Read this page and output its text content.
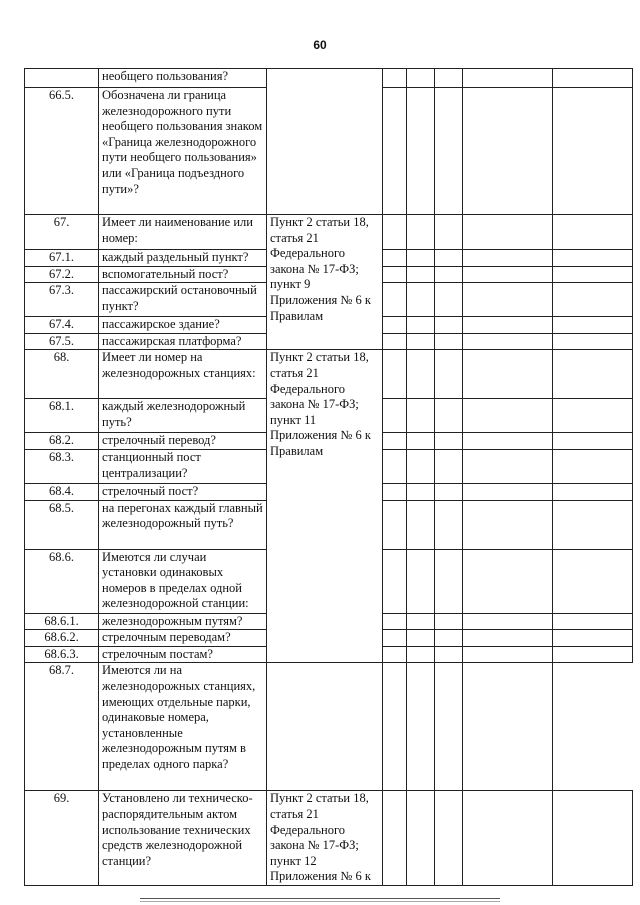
60
	необщего пользования?						
66.5.	Обозначена ли граница железнодорожного пути необщего пользования знаком «Граница железнодорожного пути необщего пользования» или «Граница подъездного пути»?						
67.	Имеет ли наименование или номер:	Пункт 2 статьи 18, статья 21 Федерального закона № 17-ФЗ; пункт 9 Приложения № 6 к Правилам					
67.1.	каждый раздельный пункт?						
67.2.	вспомогательный пост?						
67.3.	пассажирский остановочный пункт?						
67.4.	пассажирское здание?						
67.5.	пассажирская платформа?						
68.	Имеет ли номер на железнодорожных станциях:	Пункт 2 статьи 18, статья 21 Федерального закона № 17-ФЗ; пункт 11 Приложения № 6 к Правилам					
68.1.	каждый железнодорожный путь?						
68.2.	стрелочный перевод?						
68.3.	станционный пост централизации?						
68.4.	стрелочный пост?						
68.5.	на перегонах каждый главный железнодорожный путь?						
68.6.	Имеются ли случаи установки одинаковых номеров в пределах одной железнодорожной станции:						
68.6.1.	железнодорожным путям?						
68.6.2.	стрелочным переводам?						
68.6.3.	стрелочным постам?						
68.7.	Имеются ли на железнодорожных станциях, имеющих отдельные парки, одинаковые номера, установленные железнодорожным путям в пределах одного парка?						
69.	Установлено ли техническо-распорядительным актом использование технических средств железнодорожной станции?	Пункт 2 статьи 18, статья 21 Федерального закона № 17-ФЗ; пункт 12 Приложения № 6 к					
